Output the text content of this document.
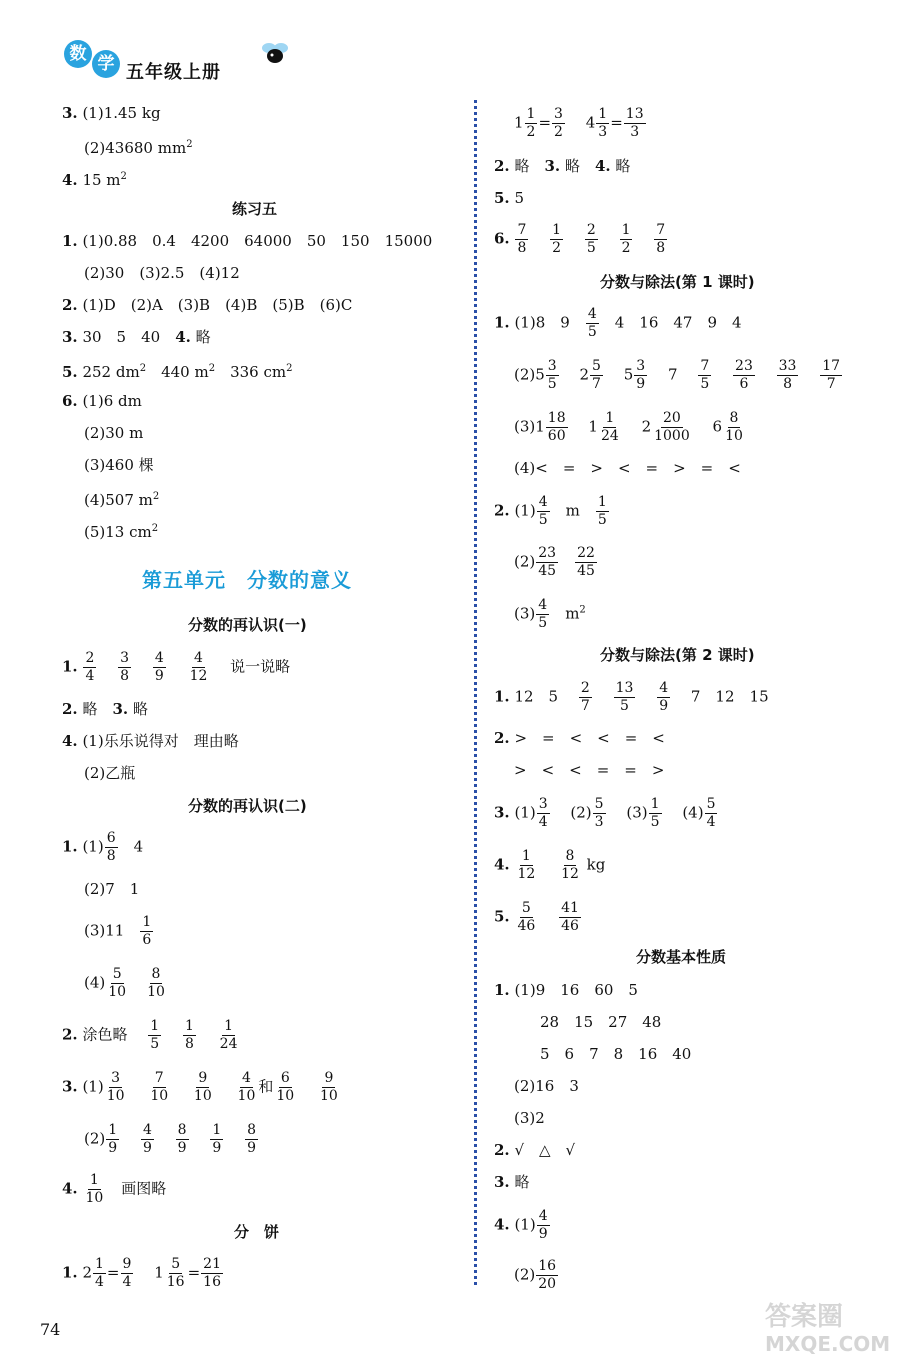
数 学 五年级上册
3. (1)1.45 kg
(2)43680 $mm^2$
4. 15 $m^2$
练习五
1. (1)0.88　0.4　4200　64000　50　150　15000
(2)30　(3)2.5　(4)12
2. (1)D　(2)A　(3)B　(4)B　(5)B　(6)C
3. 30　5　40　 4. 略
5. 252 $dm^2$　440 $m^2$　336 $cm^2$
6. (1)6 dm
(2)30 m
(3)460 棵
(4)507 $m^2$
(5)13 $cm^2$
第五单元　分数的意义
分数的再认识(一)
1. $\frac{2}{4}$
　 $\frac{3}{8}$
　 $\frac{4}{9}$
　 $\frac{4}{12}$
　 说一说略
2. 略　 3. 略
4. (1)乐乐说得对　理由略
(2)乙瓶
分数的再认识(二)
1. $(1) \frac{6}{8}$
　 4
(2)7　1
(3)11　 $\frac{1}{6}$
$(4) \frac{5}{10}$
　 $\frac{8}{10}$
2. 涂色略　 $\frac{1}{5}$
　 $\frac{1}{8}$
　 $\frac{1}{24}$
3. $(1) \frac{3}{10}$
　 $\frac{7}{10}$
　 $\frac{9}{10}$
　 $\frac{4}{10}$ 和 $\frac{6}{10}$
　 $\frac{9}{10}$
$(2) \frac{1}{9}$
　 $\frac{4}{9}$
　 $\frac{8}{9}$
　 $\frac{1}{9}$
　 $\frac{8}{9}$
4. $\frac{1}{10}$
　 画图略
分　饼
1. $2 \frac{1}{4} = \frac{9}{4}$
　 $1 \frac{5}{16} = \frac{21}{16}$
$1 \frac{1}{2} = \frac{3}{2}$
　 $4 \frac{1}{3} = \frac{13}{3}$
2. 略　 3. 略　 4. 略
5. 5
6. $\frac{7}{8}$
　 $\frac{1}{2}$
　 $\frac{2}{5}$
　 $\frac{1}{2}$
　 $\frac{7}{8}$
分数与除法(第 1 课时)
1. (1)8　9　 $\frac{4}{5}$
　 4　16　47　9　4
$(2)5 \frac{3}{5}$
　 $2 \frac{5}{7}$
　 $5 \frac{3}{9}$
　 7　 $\frac{7}{5}$
　 $\frac{23}{6}$
　 $\frac{33}{8}$
　 $\frac{17}{7}$
$(3)1 \frac{18}{60}$
　 $1 \frac{1}{24}$
　 $2 \frac{20}{1000}$
　 $6 \frac{8}{10}$
(4)<　=　>　<　=　>　=　<
2. $(1) \frac{4}{5}$
　 m　 $\frac{1}{5}$
$(2) \frac{23}{45}$
　 $\frac{22}{45}$
$(3) \frac{4}{5}$
　 $m^2$
分数与除法(第 2 课时)
1. 12　5　 $\frac{2}{7}$
　 $\frac{13}{5}$
　 $\frac{4}{9}$
　 7　12　15
2. >　=　<　<　=　<
>　<　<　=　=　>
3. $(1) \frac{3}{4}$
　 $(2) \frac{5}{3}$
　 $(3) \frac{1}{5}$
　 $(4) \frac{5}{4}$
4. $\frac{1}{12}$
　 $\frac{8}{12}$ kg
5. $\frac{5}{46}$
　 $\frac{41}{46}$
分数基本性质
1. (1)9　16　60　5
28　15　27　48
5　6　7　8　16　40
(2)16　3
(3)2
2. √　△　√
3. 略
4. $(1) \frac{4}{9}$
$(2) \frac{16}{20}$
74	答案圈
MXQE.COM
